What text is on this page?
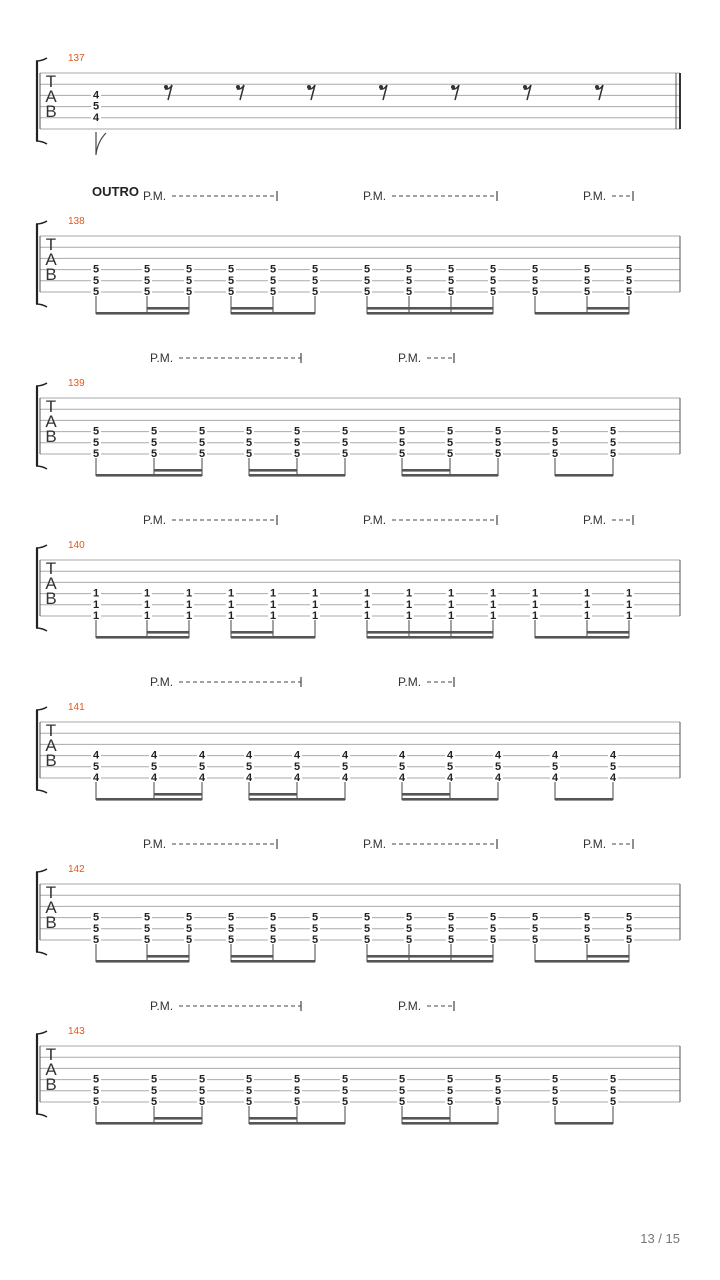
T
A
B
137
4
5
4
T
A
B
138
P.M.	P.M.	P.M.
5
5
5
5
5
5
5
5
5
5
5
5
5
5
5
5
5
5
5
5
5
5
5
5
5
5
5
5
5
5
5
5
5
5
5
5
5
5
5
T
A
B
139
P.M.	P.M.
5
5
5
5
5
5
5
5
5
5
5
5
5
5
5
5
5
5
5
5
5
5
5
5
5
5
5
5
5
5
5
5
5
T
A
B
140
P.M.	P.M.	P.M.
1
1
1
1
1
1
1
1
1
1
1
1
1
1
1
1
1
1
1
1
1
1
1
1
1
1
1
1
1
1
1
1
1
1
1
1
1
1
1
T
A
B
141
P.M.	P.M.
4
5
4
4
5
4
4
5
4
4
5
4
4
5
4
4
5
4
4
5
4
4
5
4
4
5
4
4
5
4
4
5
4
T
A
B
142
P.M.	P.M.	P.M.
5
5
5
5
5
5
5
5
5
5
5
5
5
5
5
5
5
5
5
5
5
5
5
5
5
5
5
5
5
5
5
5
5
5
5
5
5
5
5
T
A
B
143
P.M.	P.M.
5
5
5
5
5
5
5
5
5
5
5
5
5
5
5
5
5
5
5
5
5
5
5
5
5
5
5
5
5
5
5
5
5
OUTRO
13 / 15
